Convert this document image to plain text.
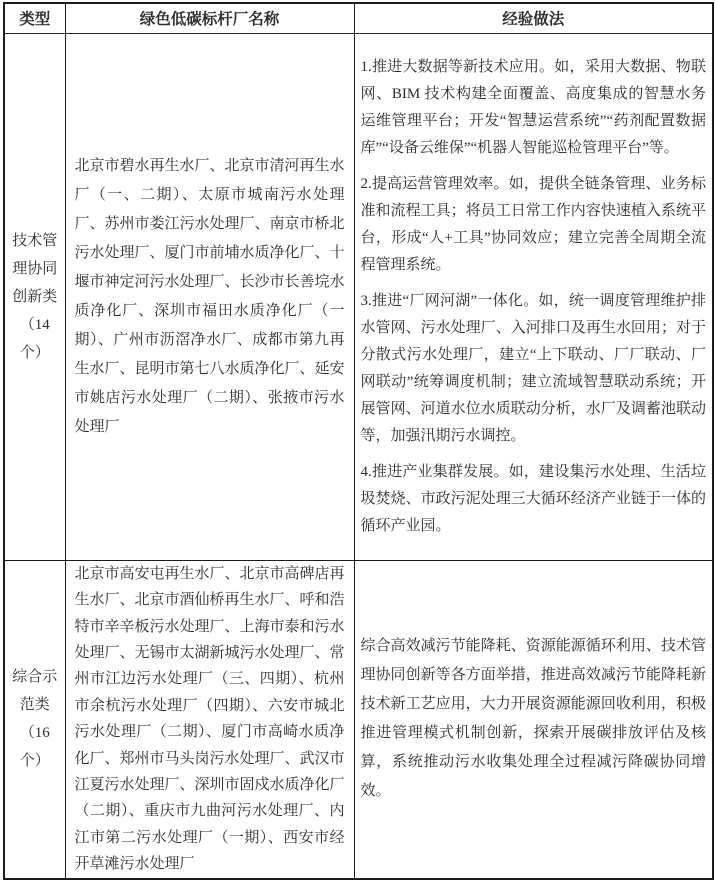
类型	绿色低碳标杆厂名称	经验做法
技术管理协同创新类（14个）	北京市碧水再生水厂、北京市清河再生水厂（一、二期）、太原市城南污水处理厂、苏州市娄江污水处理厂、南京市桥北污水处理厂、厦门市前埔水质净化厂、十堰市神定河污水处理厂、长沙市长善垸水质净化厂、深圳市福田水质净化厂（一期）、广州市沥滘净水厂、成都市第九再生水厂、昆明市第七八水质净化厂、延安市姚店污水处理厂（二期）、张掖市污水处理厂	1.推进大数据等新技术应用。如，采用大数据、物联网、BIM 技术构建全面覆盖、高度集成的智慧水务运维管理平台；开发“智慧运营系统”“药剂配置数据库”“设备云维保”“机器人智能巡检管理平台”等。

2.提高运营管理效率。如，提供全链条管理、业务标准和流程工具；将员工日常工作内容快速植入系统平台，形成“人+工具”协同效应；建立完善全周期全流程管理系统。

3.推进“厂网河湖”一体化。如，统一调度管理维护排水管网、污水处理厂、入河排口及再生水回用；对于分散式污水处理厂，建立“上下联动、厂厂联动、厂网联动”统筹调度机制；建立流域智慧联动系统；开展管网、河道水位水质联动分析，水厂及调蓄池联动等，加强汛期污水调控。

4.推进产业集群发展。如，建设集污水处理、生活垃圾焚烧、市政污泥处理三大循环经济产业链于一体的循环产业园。

综合示范类（16个）	北京市高安屯再生水厂、北京市高碑店再生水厂、北京市酒仙桥再生水厂、呼和浩特市辛辛板污水处理厂、上海市泰和污水处理厂、无锡市太湖新城污水处理厂、常州市江边污水处理厂（三、四期）、杭州市余杭污水处理厂（四期）、六安市城北污水处理厂（二期）、厦门市高崎水质净化厂、郑州市马头岗污水处理厂、武汉市江夏污水处理厂、深圳市固戍水质净化厂（二期）、重庆市九曲河污水处理厂、内江市第二污水处理厂（一期）、西安市经开草滩污水处理厂	综合高效减污节能降耗、资源能源循环利用、技术管理协同创新等各方面举措，推进高效减污节能降耗新技术新工艺应用，大力开展资源能源回收利用，积极推进管理模式机制创新，探索开展碳排放评估及核算，系统推动污水收集处理全过程减污降碳协同增效。
